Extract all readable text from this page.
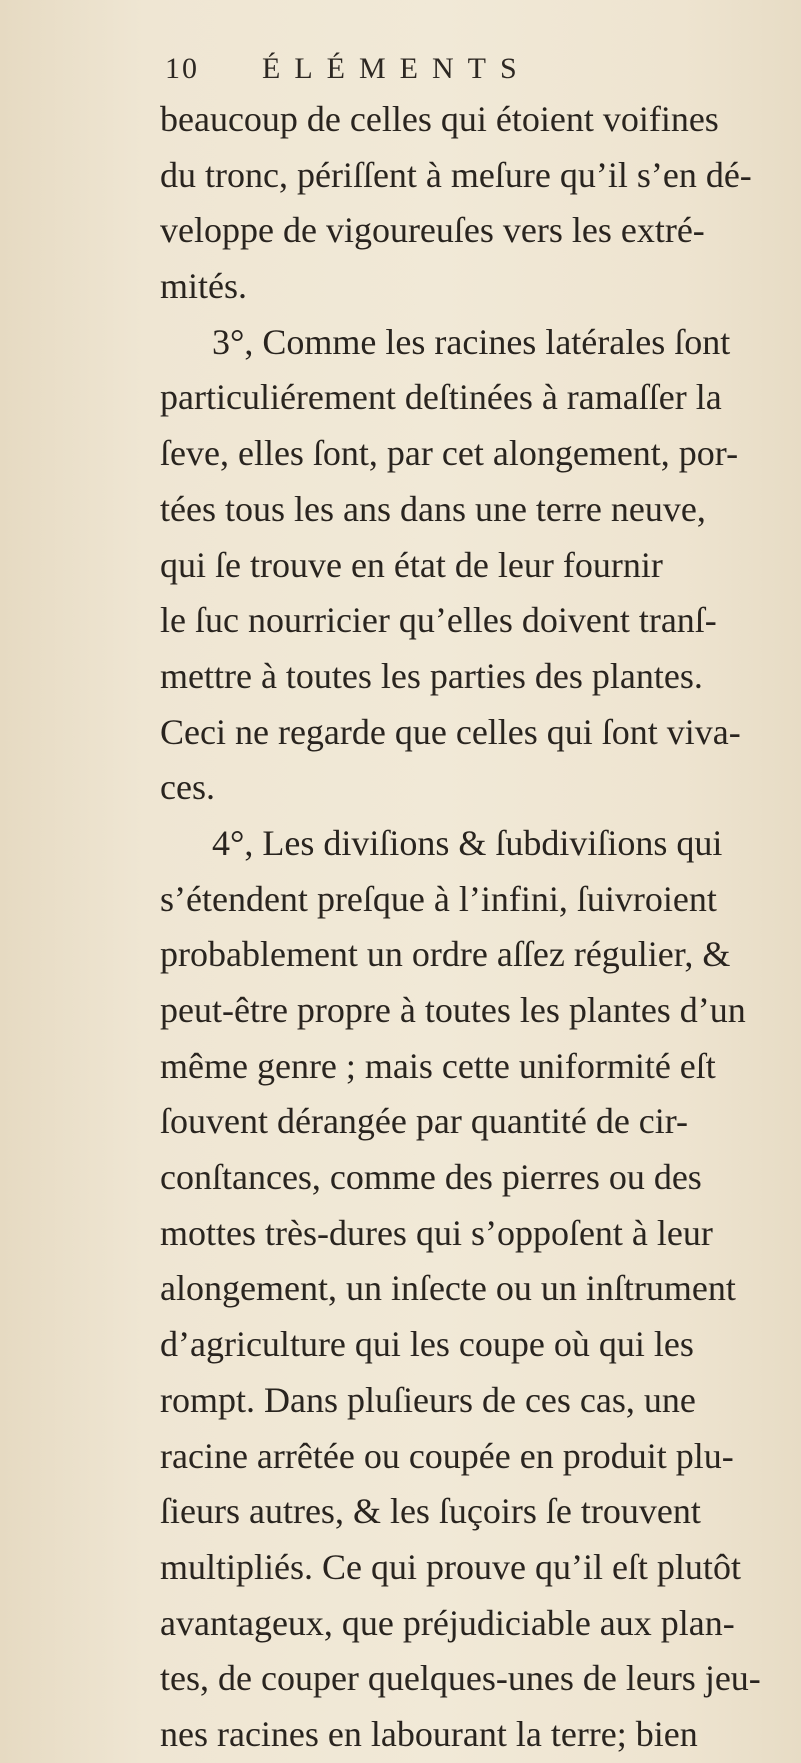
10 ÉLÉMENTS
beaucoup de celles qui étoient voifines
du tronc, périſſent à meſure qu’il s’en dé-
veloppe de vigoureuſes vers les extré-
mités.
3°, Comme les racines latérales ſont
particuliérement deſtinées à ramaſſer la
ſeve, elles ſont, par cet alongement, por-
tées tous les ans dans une terre neuve,
qui ſe trouve en état de leur fournir
le ſuc nourricier qu’elles doivent tranſ-
mettre à toutes les parties des plantes.
Ceci ne regarde que celles qui ſont viva-
ces.
4°, Les diviſions & ſubdiviſions qui
s’étendent preſque à l’infini, ſuivroient
probablement un ordre aſſez régulier, &
peut-être propre à toutes les plantes d’un
même genre ; mais cette uniformité eſt
ſouvent dérangée par quantité de cir-
conſtances, comme des pierres ou des
mottes très-dures qui s’oppoſent à leur
alongement, un inſecte ou un inſtrument
d’agriculture qui les coupe où qui les
rompt. Dans pluſieurs de ces cas, une
racine arrêtée ou coupée en produit plu-
ſieurs autres, & les ſuçoirs ſe trouvent
multipliés. Ce qui prouve qu’il eſt plutôt
avantageux, que préjudiciable aux plan-
tes, de couper quelques-unes de leurs jeu-
nes racines en labourant la terre; bien
